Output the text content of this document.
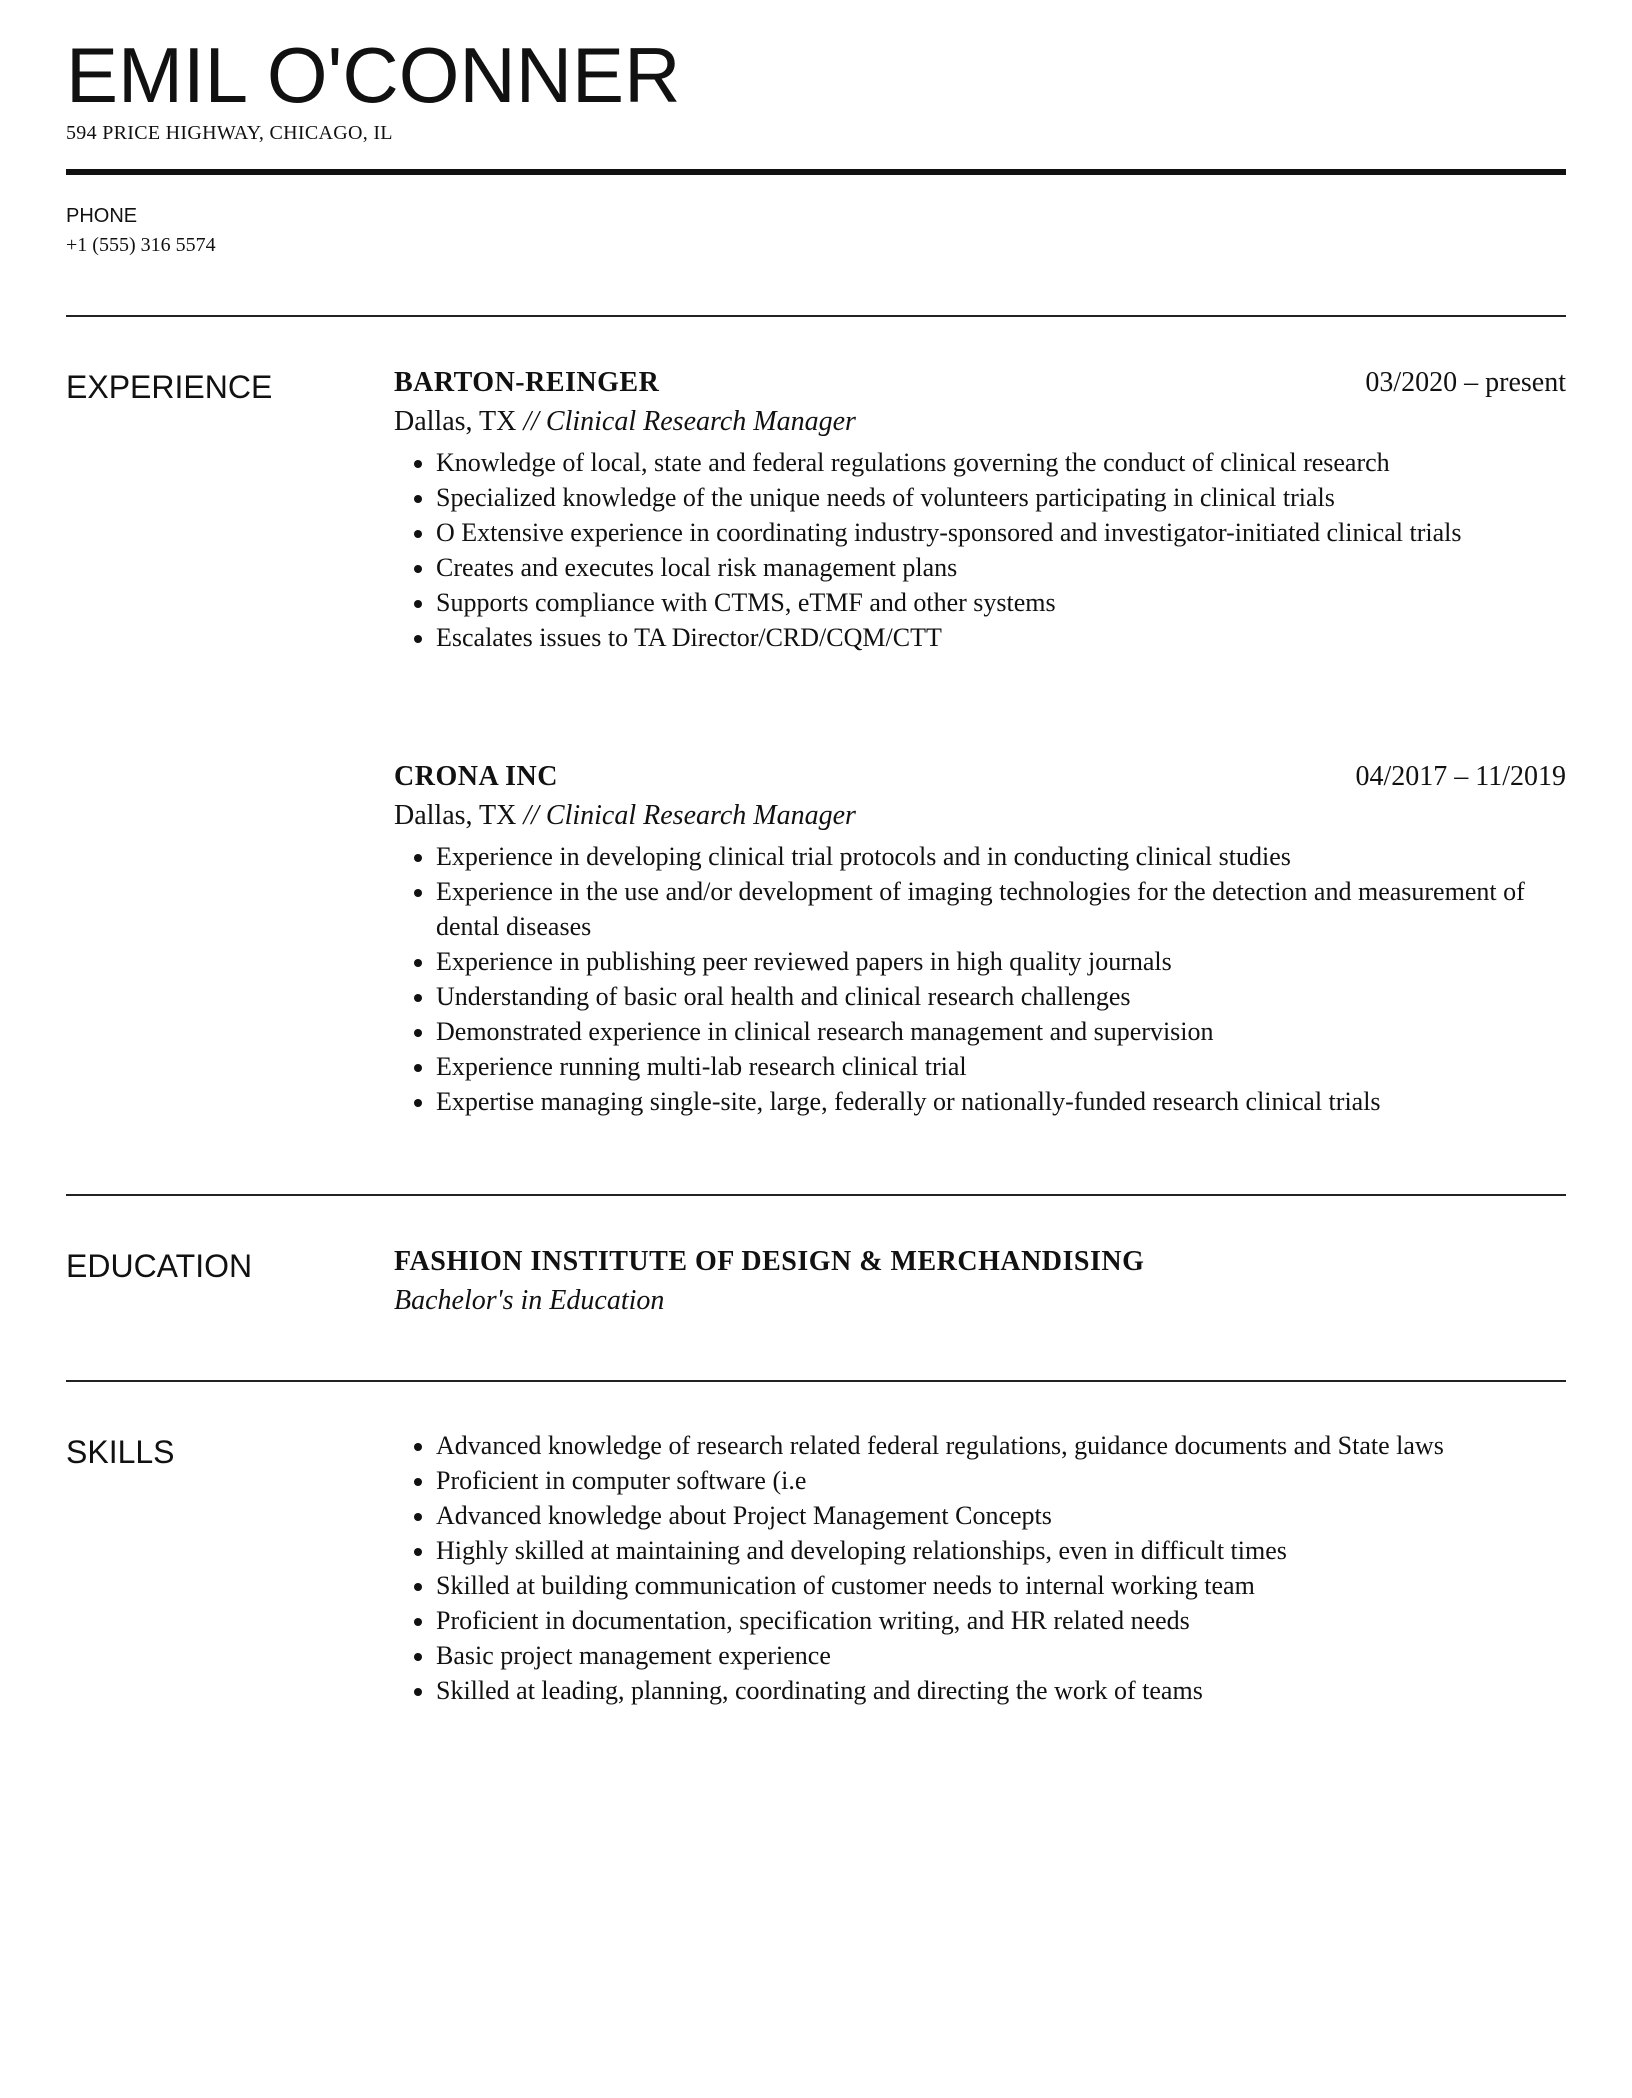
EMIL O'CONNER
594 PRICE HIGHWAY, CHICAGO, IL
PHONE
+1 (555) 316 5574
EXPERIENCE	BARTON-REINGER	03/2020 – present
Dallas, TX // Clinical Research Manager
• Knowledge of local, state and federal regulations governing the conduct of clinical research
• Specialized knowledge of the unique needs of volunteers participating in clinical trials
• O Extensive experience in coordinating industry-sponsored and investigator-initiated clinical trials
• Creates and executes local risk management plans
• Supports compliance with CTMS, eTMF and other systems
• Escalates issues to TA Director/CRD/CQM/CTT
CRONA INC	04/2017 – 11/2019
Dallas, TX // Clinical Research Manager
• Experience in developing clinical trial protocols and in conducting clinical studies
• Experience in the use and/or development of imaging technologies for the detection and measurement of dental diseases
• Experience in publishing peer reviewed papers in high quality journals
• Understanding of basic oral health and clinical research challenges
• Demonstrated experience in clinical research management and supervision
• Experience running multi-lab research clinical trial
• Expertise managing single-site, large, federally or nationally-funded research clinical trials
EDUCATION	FASHION INSTITUTE OF DESIGN & MERCHANDISING
Bachelor's in Education
SKILLS
•	Advanced knowledge of research related federal regulations, guidance documents and State laws
• Proficient in computer software (i.e
• Advanced knowledge about Project Management Concepts
• Highly skilled at maintaining and developing relationships, even in difficult times
• Skilled at building communication of customer needs to internal working team
• Proficient in documentation, specification writing, and HR related needs
• Basic project management experience
• Skilled at leading, planning, coordinating and directing the work of teams
